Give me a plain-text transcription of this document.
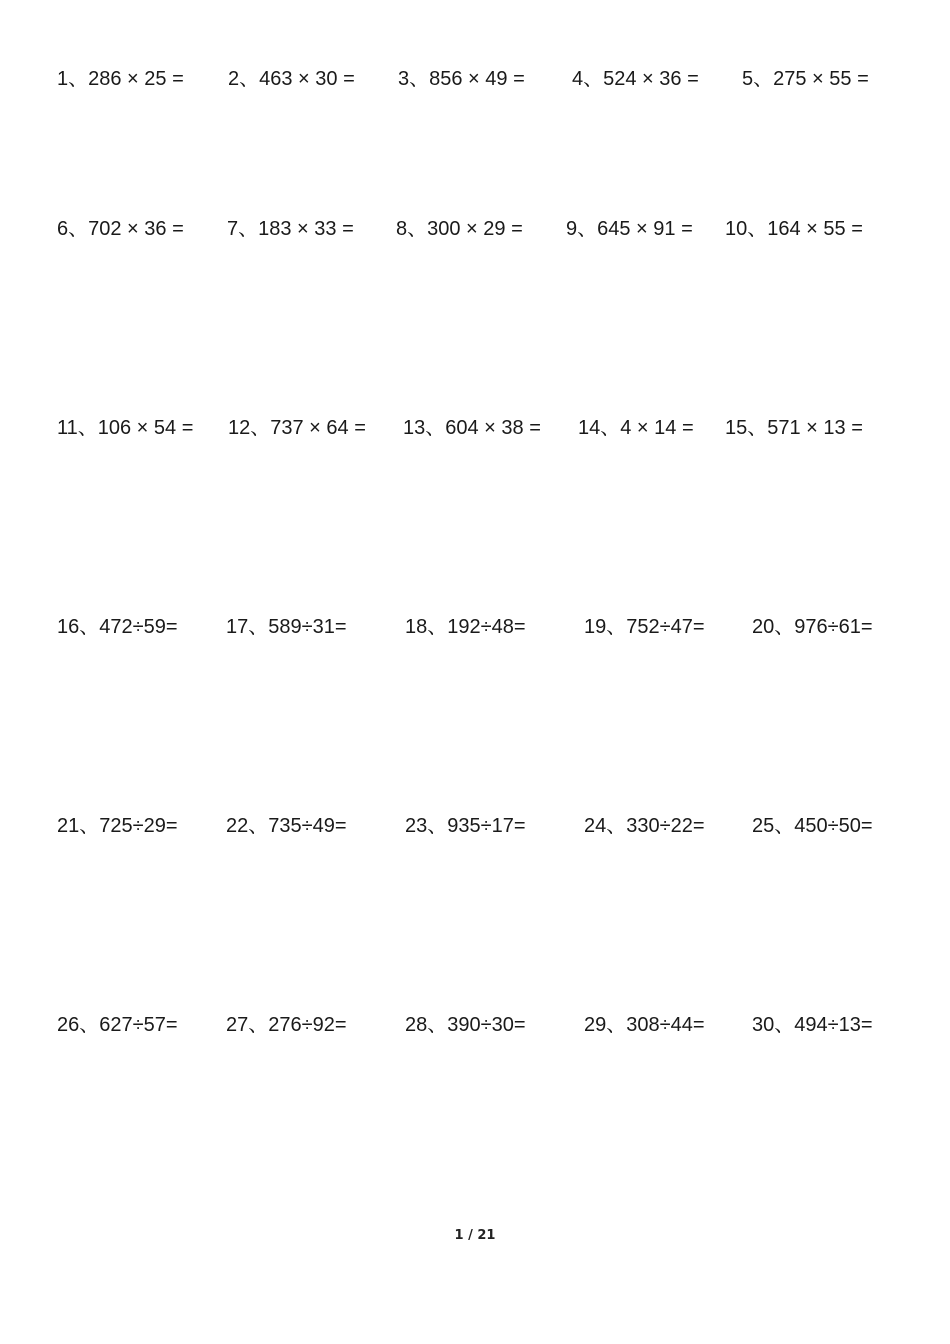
1、286 × 25 = 2、463 × 30 = 3、856 × 49 = 4、524 × 36 = 5、275 × 55 =
6、702 × 36 = 7、183 × 33 = 8、300 × 29 = 9、645 × 91 = 10、164 × 55 =
11、106 × 54 = 12、737 × 64 = 13、604 × 38 = 14、4 × 14 = 15、571 × 13 =
16、472÷59= 17、589÷31=	18、192÷48=	19、752÷47= 20、976÷61=
21、725÷29= 22、735÷49=	23、935÷17=	24、330÷22= 25、450÷50=
26、627÷57= 27、276÷92=	28、390÷30=	29、308÷44= 30、494÷13=
1 / 21
